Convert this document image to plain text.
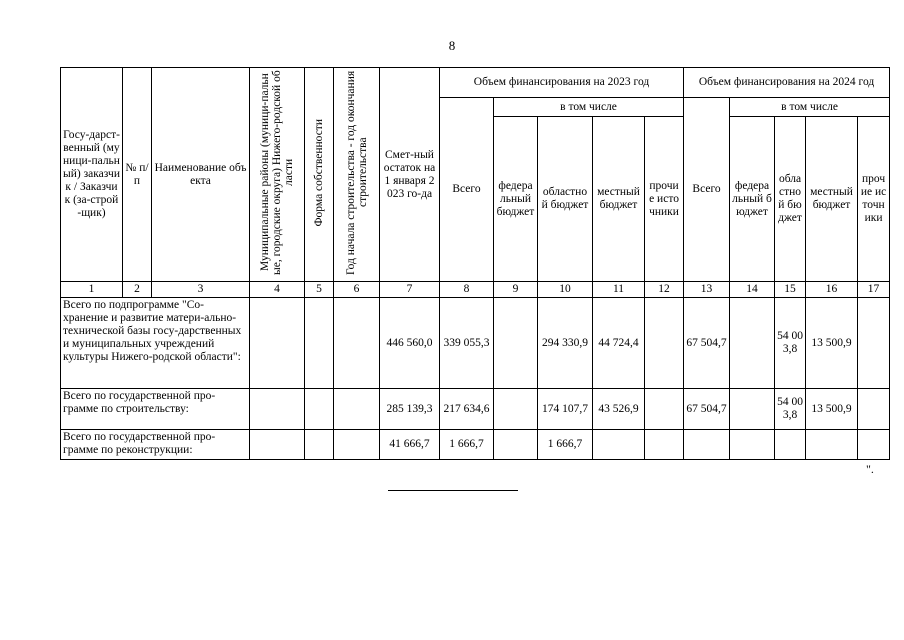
8
Госу-дарст-венный (муници-пальный) заказчик / Заказчик (за-строй-щик)	№ п/п	Наименование объекта	Муниципальные районы (муници-пальные, городские округа) Нижего-родской области	Форма собственности	Год начала строительства - год окончания строительства	Смет-ный остаток на 1 января 2023 го-да	Объем финансирования на 2023 год					Объем финансирования на 2024 год				
							Всего	в том числе				Всего	в том числе			
								федеральный бюджет	областной бюджет	местный бюджет	прочие источники		федеральный бюджет	областной бюджет	местный бюджет	прочие источники
1	2	3	4	5	6	7	8	9	10	11	12	13	14	15	16	17
Всего по подпрограмме "Со-хранение и развитие матери-ально-технической базы госу-дарственных и муниципальных учреждений культуры Нижего-родской области":						446 560,0	339 055,3		294 330,9	44 724,4		67 504,7		54 003,8	13 500,9	
Всего по государственной про-грамме по строительству:						285 139,3	217 634,6		174 107,7	43 526,9		67 504,7		54 003,8	13 500,9	
Всего по государственной про-грамме по реконструкции:						41 666,7	1 666,7		1 666,7							
".
